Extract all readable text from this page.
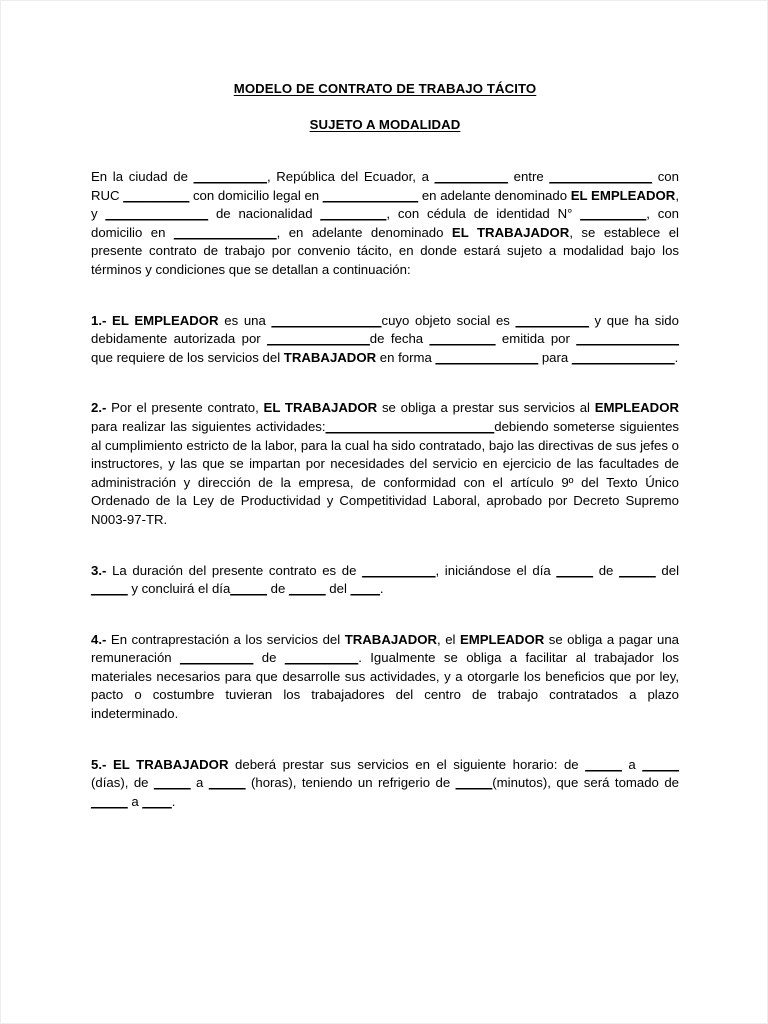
MODELO DE CONTRATO DE TRABAJO TÁCITO
SUJETO A MODALIDAD

En la ciudad de __________, República del Ecuador, a __________ entre ______________ con RUC _________ con domicilio legal en _____________ en adelante denominado EL EMPLEADOR, y ______________ de nacionalidad _________, con cédula de identidad N° _________, con domicilio en ______________, en adelante denominado EL TRABAJADOR, se establece el presente contrato de trabajo por convenio tácito, en donde estará sujeto a modalidad bajo los términos y condiciones que se detallan a continuación:

1.- EL EMPLEADOR es una _______________cuyo objeto social es __________ y que ha sido debidamente autorizada por ______________de fecha _________ emitida por ______________ que requiere de los servicios del TRABAJADOR en forma ______________ para ______________.

2.- Por el presente contrato, EL TRABAJADOR se obliga a prestar sus servicios al EMPLEADOR para realizar las siguientes actividades:_______________________debiendo someterse siguientes al cumplimiento estricto de la labor, para la cual ha sido contratado, bajo las directivas de sus jefes o instructores, y las que se impartan por necesidades del servicio en ejercicio de las facultades de administración y dirección de la empresa, de conformidad con el artículo 9º del Texto Único Ordenado de la Ley de Productividad y Competitividad Laboral, aprobado por Decreto Supremo N003-97-TR.

3.- La duración del presente contrato es de __________, iniciándose el día _____ de _____ del _____ y concluirá el día_____ de _____ del ____.

4.- En contraprestación a los servicios del TRABAJADOR, el EMPLEADOR se obliga a pagar una remuneración __________ de __________. Igualmente se obliga a facilitar al trabajador los materiales necesarios para que desarrolle sus actividades, y a otorgarle los beneficios que por ley, pacto o costumbre tuvieran los trabajadores del centro de trabajo contratados a plazo indeterminado.

5.- EL TRABAJADOR deberá prestar sus servicios en el siguiente horario: de _____ a _____ (días), de _____ a _____ (horas), teniendo un refrigerio de _____(minutos), que será tomado de _____ a ____.
